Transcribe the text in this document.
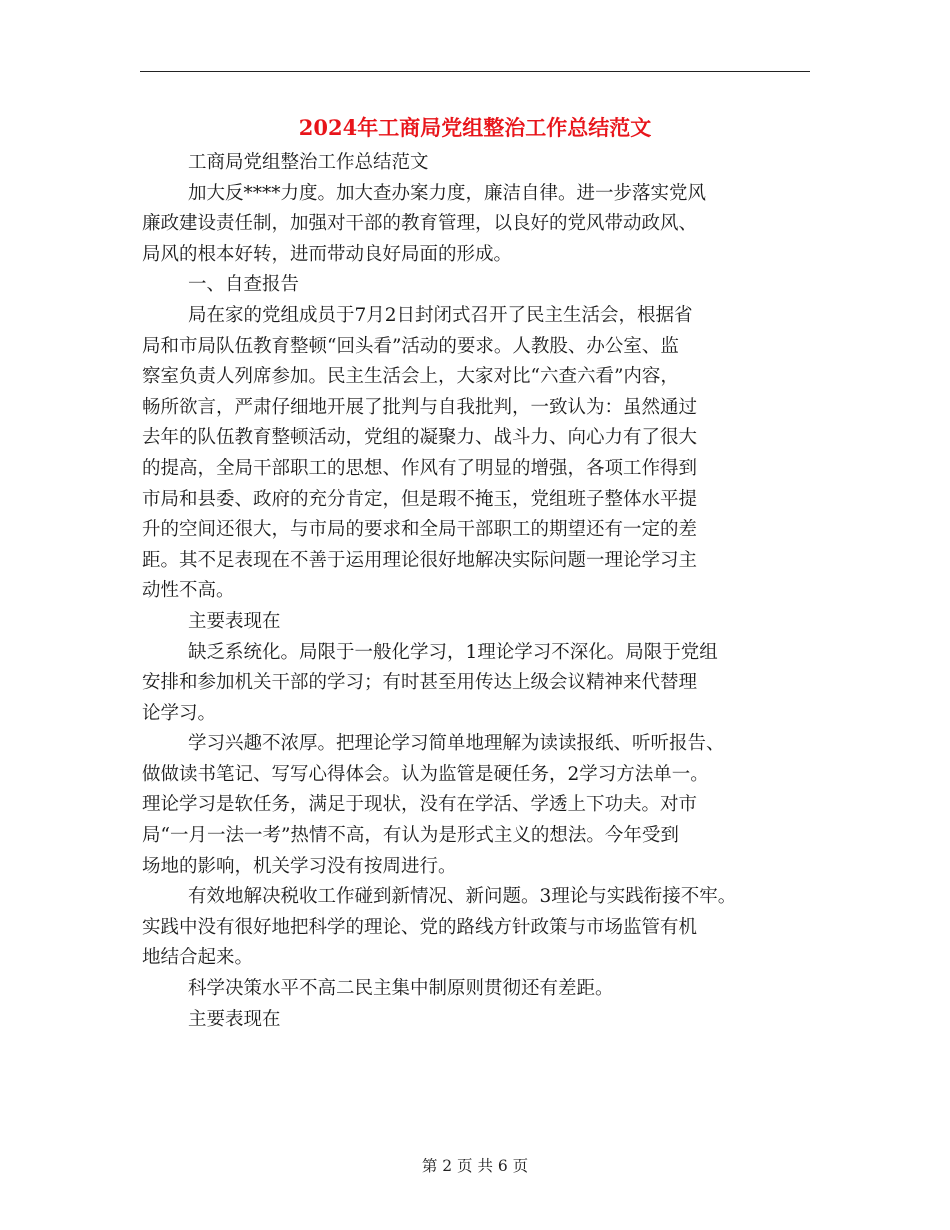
2024年工商局党组整治工作总结范文
工商局党组整治工作总结范文
加大反****力度。加大查办案力度，廉洁自律。进一步落实党风
廉政建设责任制，加强对干部的教育管理，以良好的党风带动政风、
局风的根本好转，进而带动良好局面的形成。
一、自查报告
局在家的党组成员于7月2日封闭式召开了民主生活会，根据省
局和市局队伍教育整顿“回头看”活动的要求。人教股、办公室、监
察室负责人列席参加。民主生活会上，大家对比“六查六看”内容，
畅所欲言，严肃仔细地开展了批判与自我批判，一致认为：虽然通过
去年的队伍教育整顿活动，党组的凝聚力、战斗力、向心力有了很大
的提高，全局干部职工的思想、作风有了明显的增强，各项工作得到
市局和县委、政府的充分肯定，但是瑕不掩玉，党组班子整体水平提
升的空间还很大，与市局的要求和全局干部职工的期望还有一定的差
距。其不足表现在不善于运用理论很好地解决实际问题一理论学习主
动性不高。
主要表现在
缺乏系统化。局限于一般化学习，1理论学习不深化。局限于党组
安排和参加机关干部的学习；有时甚至用传达上级会议精神来代替理
论学习。
学习兴趣不浓厚。把理论学习简单地理解为读读报纸、听听报告、
做做读书笔记、写写心得体会。认为监管是硬任务，2学习方法单一。
理论学习是软任务，满足于现状，没有在学活、学透上下功夫。对市
局“一月一法一考”热情不高，有认为是形式主义的想法。今年受到
场地的影响，机关学习没有按周进行。
有效地解决税收工作碰到新情况、新问题。3理论与实践衔接不牢。
实践中没有很好地把科学的理论、党的路线方针政策与市场监管有机
地结合起来。
科学决策水平不高二民主集中制原则贯彻还有差距。
主要表现在
第 2 页 共 6 页
